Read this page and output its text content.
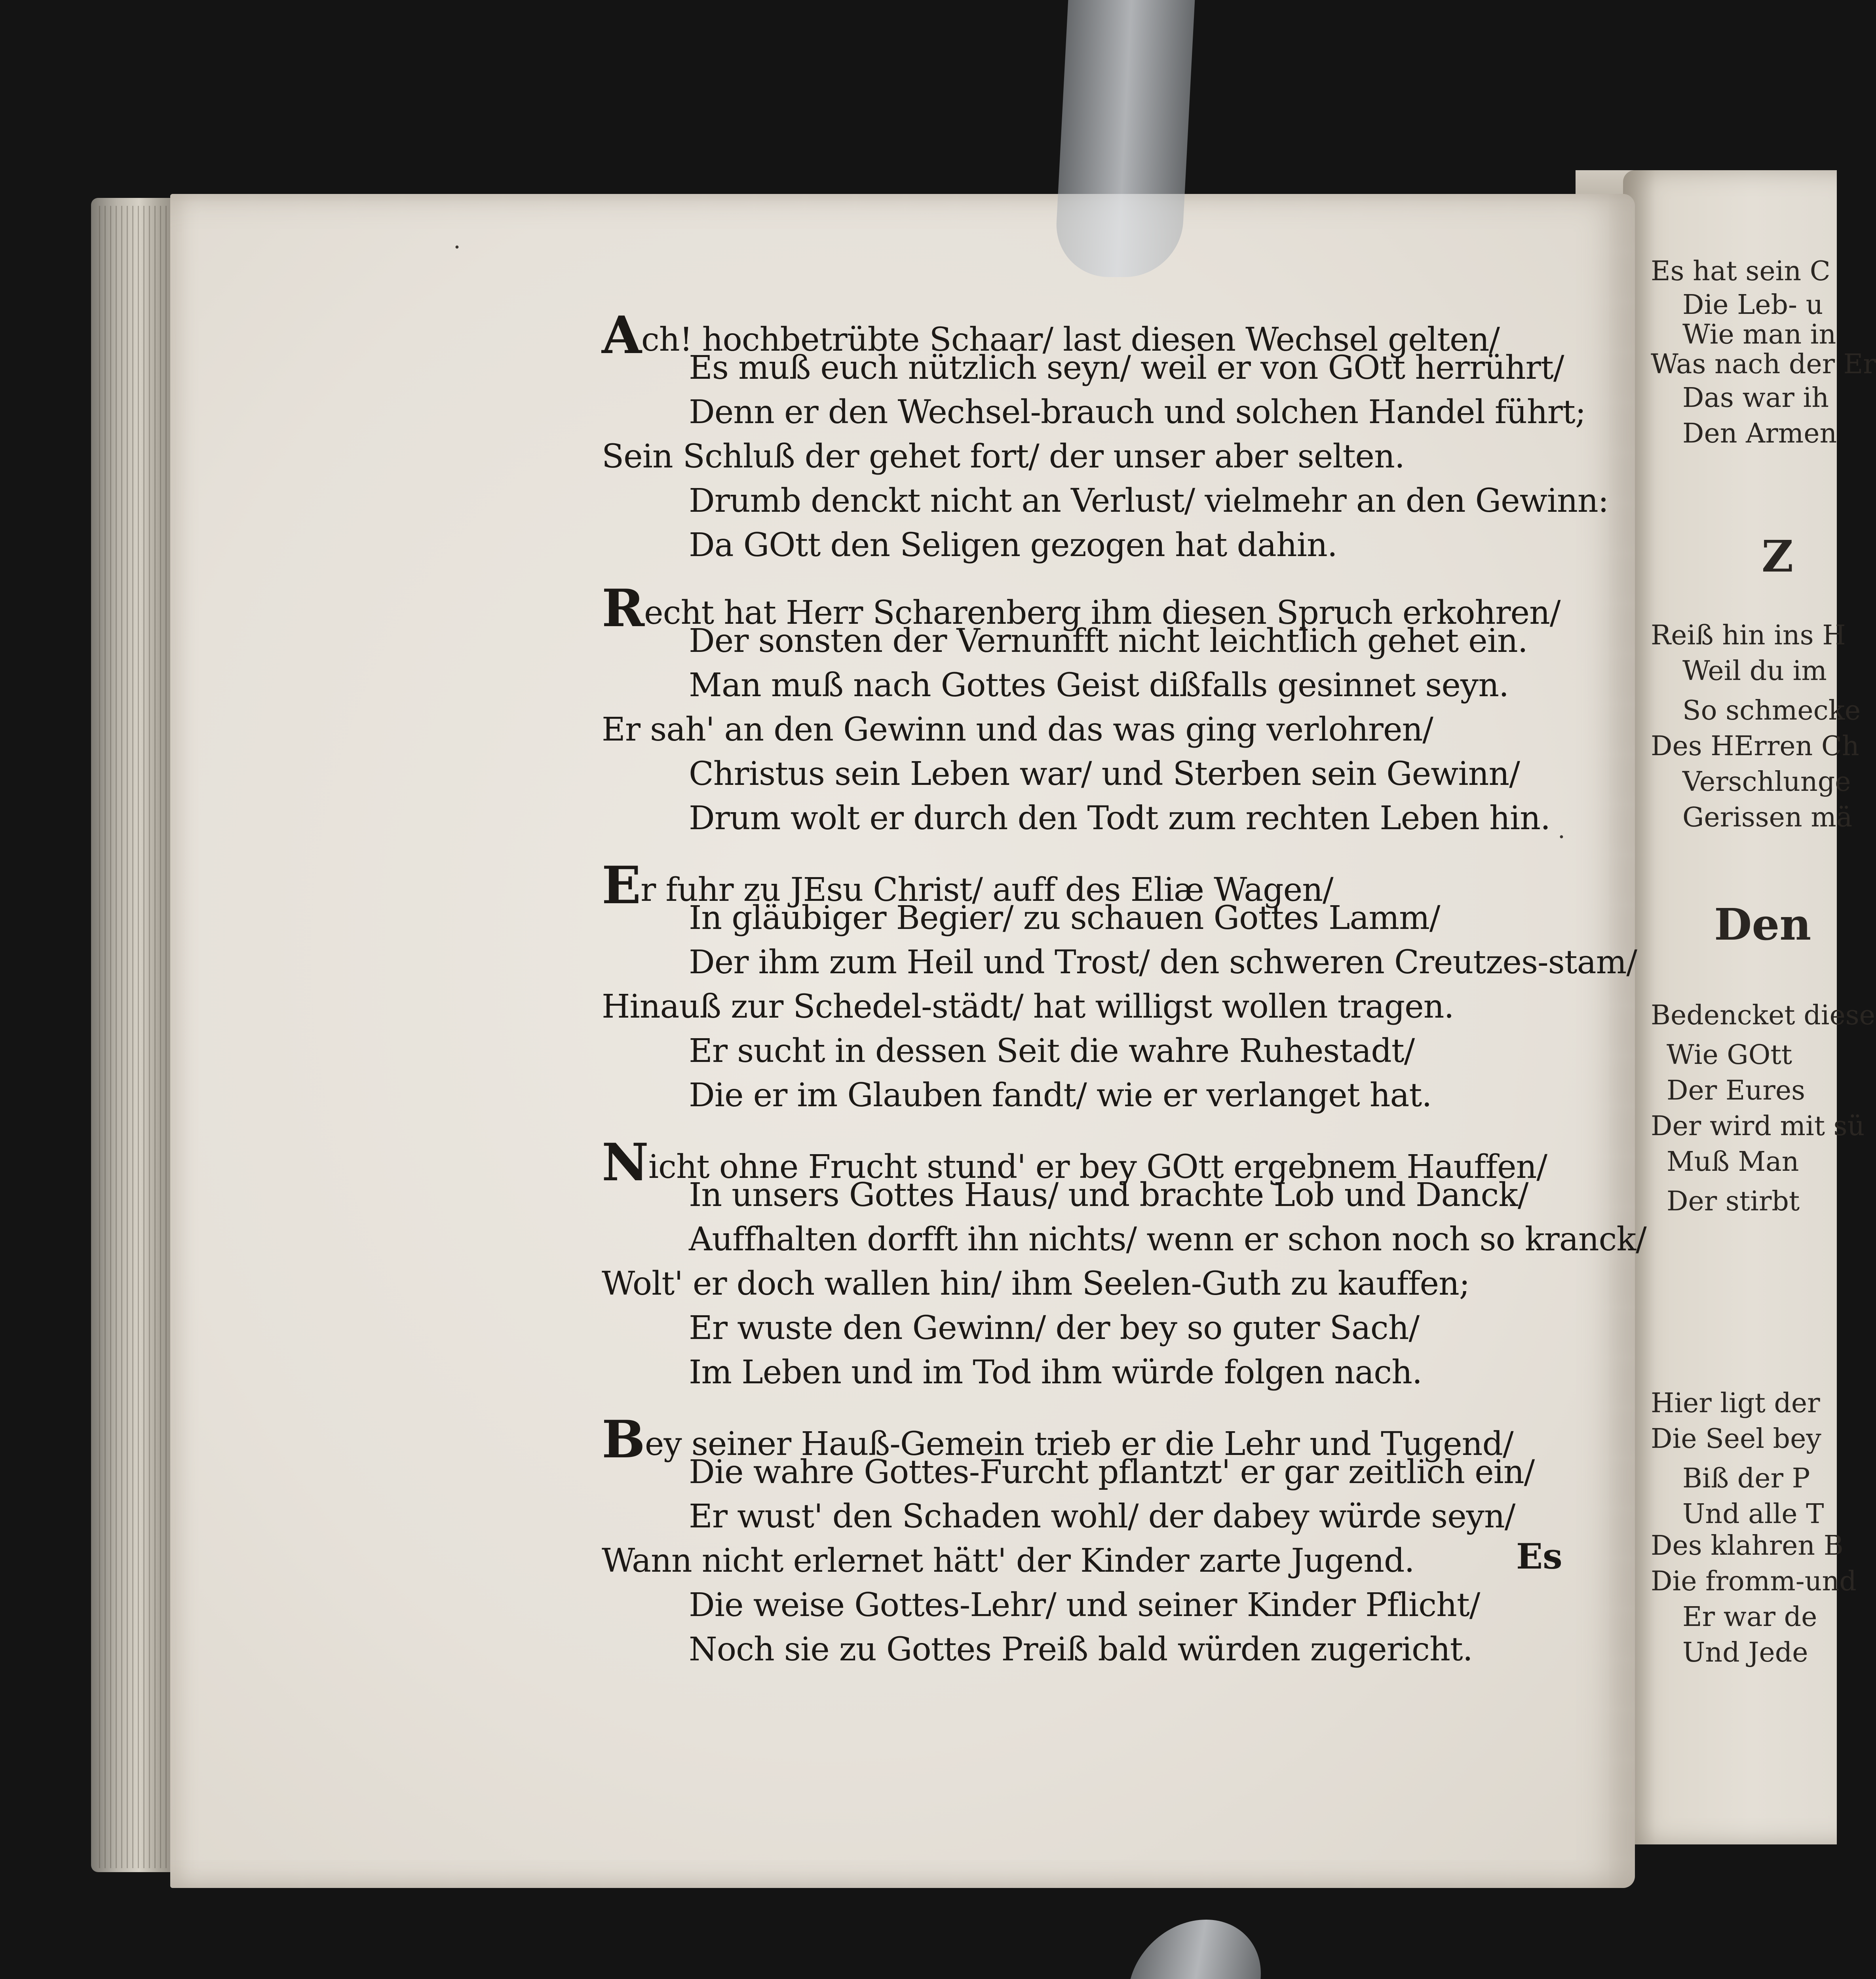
Ach! hochbetrübte Schaar/ last diesen Wechsel gelten/
Es muß euch nützlich seyn/ weil er von GOtt herrührt/
Denn er den Wechsel-brauch und solchen Handel führt;
Sein Schluß der gehet fort/ der unser aber selten.
Drumb denckt nicht an Verlust/ vielmehr an den Gewinn:
Da GOtt den Seligen gezogen hat dahin.
Recht hat Herr Scharenberg ihm diesen Spruch erkohren/
Der sonsten der Vernunfft nicht leichtlich gehet ein.
Man muß nach Gottes Geist dißfalls gesinnet seyn.
Er sah' an den Gewinn und das was ging verlohren/
Christus sein Leben war/ und Sterben sein Gewinn/
Drum wolt er durch den Todt zum rechten Leben hin.
Er fuhr zu JEsu Christ/ auff des Eliæ Wagen/
In gläubiger Begier/ zu schauen Gottes Lamm/
Der ihm zum Heil und Trost/ den schweren Creutzes-stam/
Hinauß zur Schedel-städt/ hat willigst wollen tragen.
Er sucht in dessen Seit die wahre Ruhestadt/
Die er im Glauben fandt/ wie er verlanget hat.
Nicht ohne Frucht stund' er bey GOtt ergebnem Hauffen/
In unsers Gottes Haus/ und brachte Lob und Danck/
Auffhalten dorfft ihn nichts/ wenn er schon noch so kranck/
Wolt' er doch wallen hin/ ihm Seelen-Guth zu kauffen;
Er wuste den Gewinn/ der bey so guter Sach/
Im Leben und im Tod ihm würde folgen nach.
Bey seiner Hauß-Gemein trieb er die Lehr und Tugend/
Die wahre Gottes-Furcht pflantzt' er gar zeitlich ein/
Er wust' den Schaden wohl/ der dabey würde seyn/
Wann nicht erlernet hätt' der Kinder zarte Jugend.
Die weise Gottes-Lehr/ und seiner Kinder Pflicht/
Noch sie zu Gottes Preiß bald würden zugericht.
Es
Es hat sein C
Die Leb- u
Wie man in
Was nach der Er
Das war ih
Den Armen
Z
Reiß hin ins H
Weil du im
So schmecke
Des HErren Ch
Verschlunge
Gerissen mä
Den
Bedencket diese
Wie GOtt
Der Eures
Der wird mit sü
Muß Man
Der stirbt
Hier ligt der
Die Seel bey
Biß der P
Und alle T
Des klahren B
Die fromm-und
Er war de
Und Jede
·
·
